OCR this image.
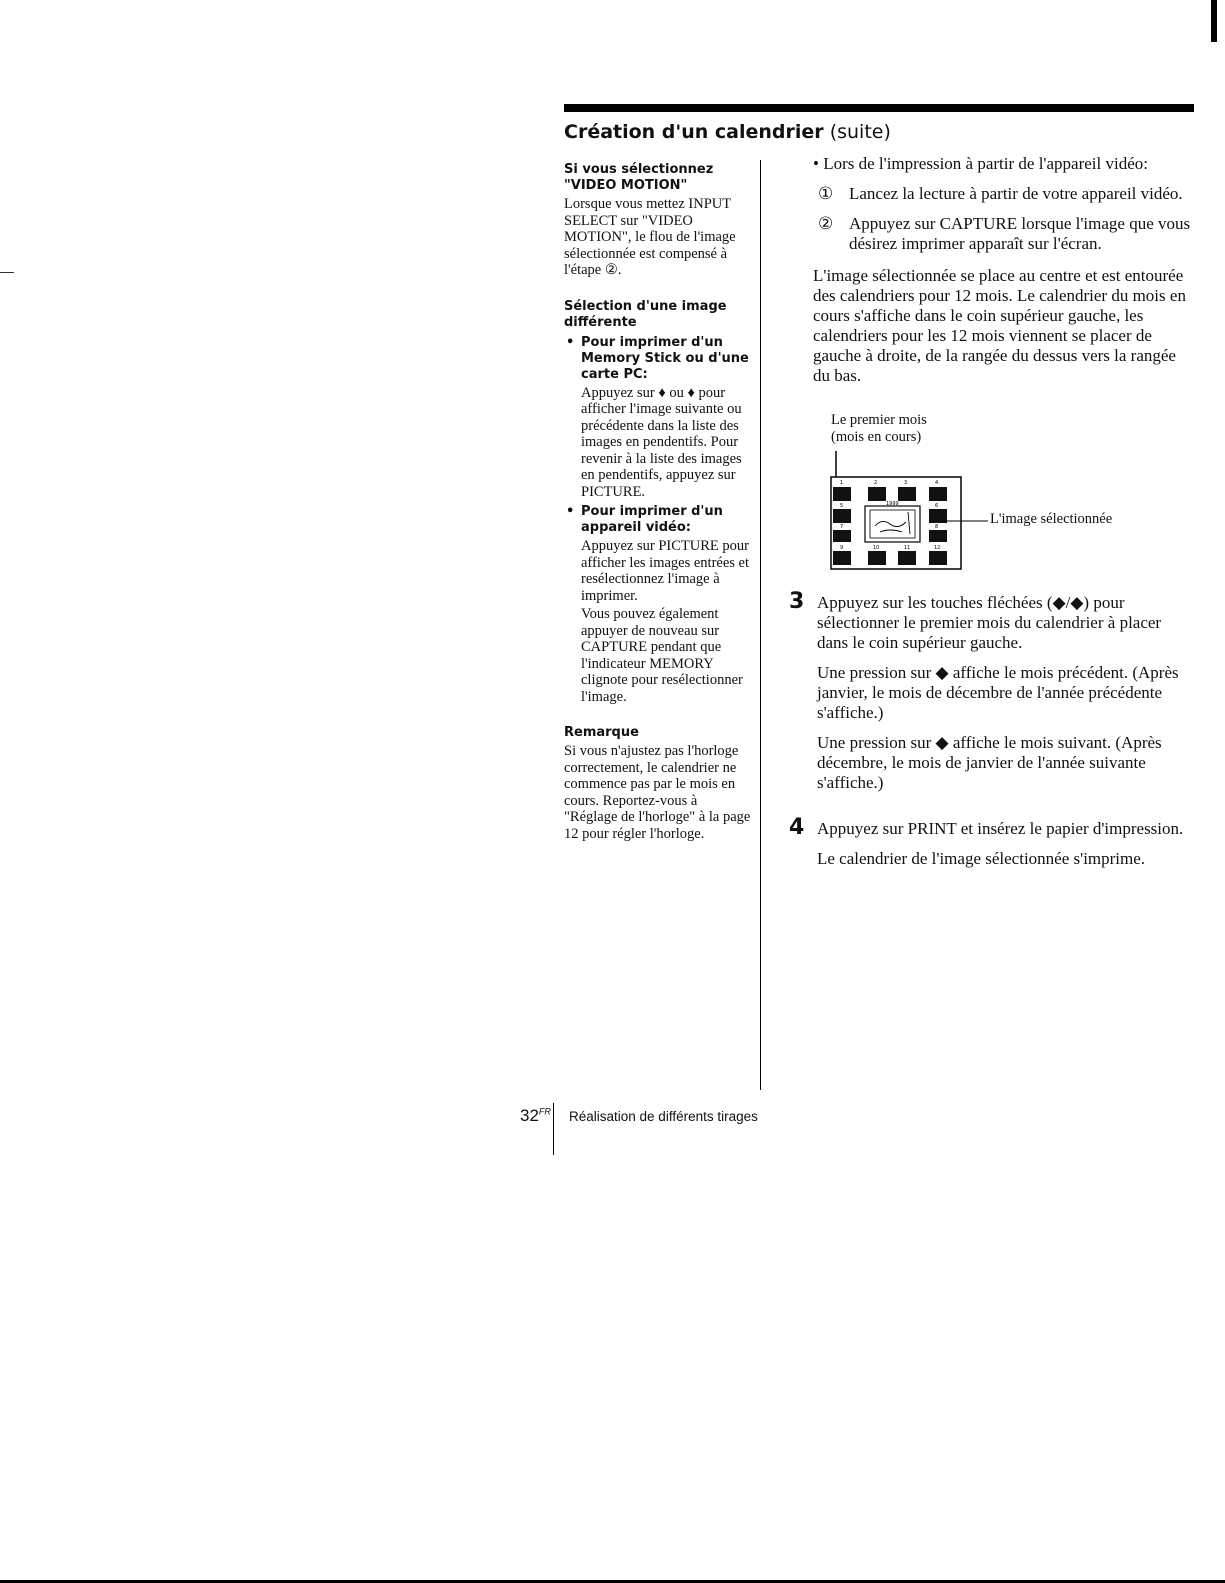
Création d'un calendrier (suite)
Si vous sélectionnez "VIDEO MOTION"
Lorsque vous mettez INPUT SELECT sur "VIDEO MOTION", le flou de l'image sélectionnée est compensé à l'étape ②.
Sélection d'une image différente
• Pour imprimer d'un Memory Stick ou d'une carte PC:
Appuyez sur ♦ ou ♦ pour afficher l'image suivante ou précédente dans la liste des images en pendentifs. Pour revenir à la liste des images en pendentifs, appuyez sur PICTURE.
• Pour imprimer d'un appareil vidéo:
Appuyez sur PICTURE pour afficher les images entrées et resélectionnez l'image à imprimer.
Vous pouvez également appuyer de nouveau sur CAPTURE pendant que l'indicateur MEMORY clignote pour resélectionner l'image.
Remarque
Si vous n'ajustez pas l'horloge correctement, le calendrier ne commence pas par le mois en cours. Reportez-vous à "Réglage de l'horloge" à la page 12 pour régler l'horloge.

• Lors de l'impression à partir de l'appareil vidéo:

① Lancez la lecture à partir de votre appareil vidéo.
② Appuyez sur CAPTURE lorsque l'image que vous désirez imprimer apparaît sur l'écran.

L'image sélectionnée se place au centre et est entourée des calendriers pour 12 mois. Le calendrier du mois en cours s'affiche dans le coin supérieur gauche, les calendriers pour les 12 mois viennent se placer de gauche à droite, de la rangée du dessus vers la rangée du bas.

Le premier mois
(mois en cours)
L'image sélectionnée
1	2	3	4
5	6
7	8
9	10	11	12
1999
3 Appuyez sur les touches fléchées (◆/◆) pour sélectionner le premier mois du calendrier à placer dans le coin supérieur gauche.

Une pression sur ◆ affiche le mois précédent. (Après janvier, le mois de décembre de l'année précédente s'affiche.)

Une pression sur ◆ affiche le mois suivant. (Après décembre, le mois de janvier de l'année suivante s'affiche.)

4 Appuyez sur PRINT et insérez le papier d'impression.

Le calendrier de l'image sélectionnée s'imprime.

$32^{FR}$ Réalisation de différents tirages
